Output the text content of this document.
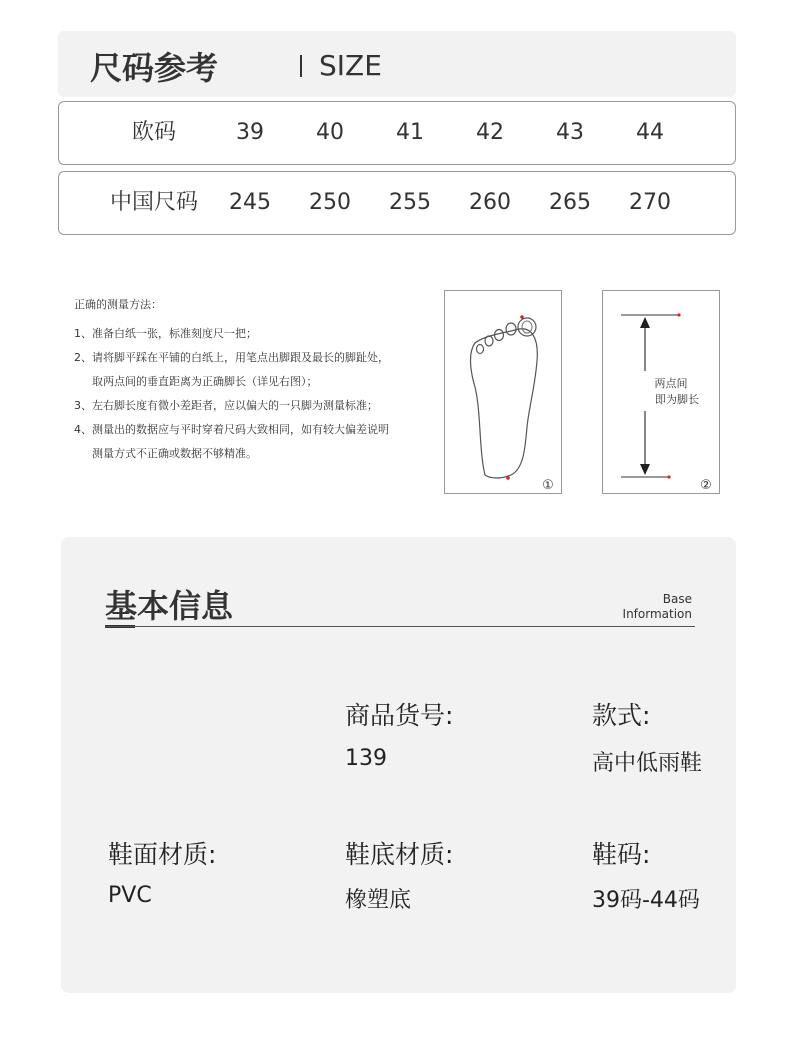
尺码参考	SIZE
欧码	39 40 41 42 43 44
中国尺码 245 250 255 260 265 270
正确的测量方法：
1、准备白纸一张，标准刻度尺一把；
2、请将脚平踩在平铺的白纸上，用笔点出脚跟及最长的脚趾处，
取两点间的垂直距离为正确脚长（详见右图）；
3、左右脚长度有微小差距者，应以偏大的一只脚为测量标准；
4、测量出的数据应与平时穿着尺码大致相同，如有较大偏差说明
测量方式不正确或数据不够精准。
①
两点间
即为脚长
②
基本信息	Base
Information
商品货号:
139
款式:
高中低雨鞋
鞋面材质:
PVC
鞋底材质:
橡塑底
鞋码:
39码-44码
